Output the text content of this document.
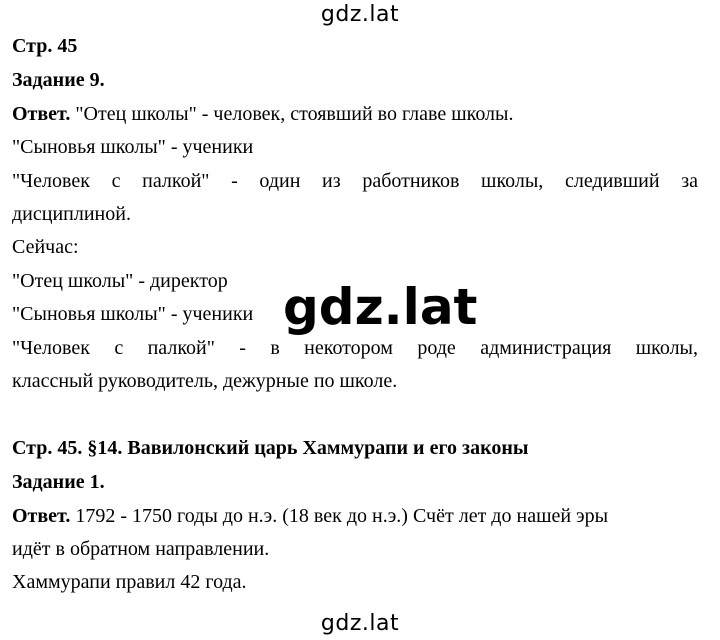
gdz.lat
Стр. 45
Задание 9.
Ответ. "Отец школы" - человек, стоявший во главе школы.
"Сыновья школы" - ученики
"Человек с палкой" - один из работников школы, следивший за
дисциплиной.
Сейчас:
"Отец школы" - директор
"Сыновья школы" - ученики
"Человек с палкой" - в некотором роде администрация школы,
классный руководитель, дежурные по школе.
gdz.lat
Стр. 45. §14. Вавилонский царь Хаммурапи и его законы
Задание 1.
Ответ. 1792 - 1750 годы до н.э. (18 век до н.э.) Счёт лет до нашей эры
идёт в обратном направлении.
Хаммурапи правил 42 года.
gdz.lat
